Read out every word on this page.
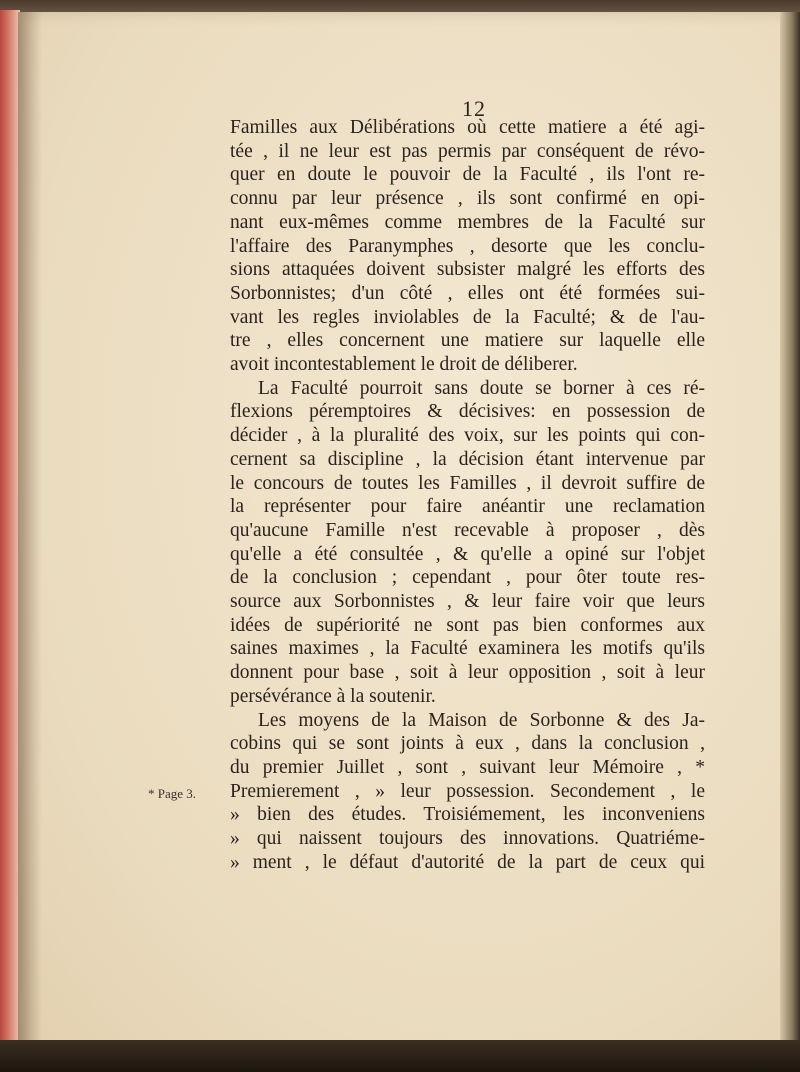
12
* Page 3.
Familles aux Délibérations où cette matiere a été agi-
tée , il ne leur est pas permis par conséquent de révo-
quer en doute le pouvoir de la Faculté , ils l'ont re-
connu par leur présence , ils sont confirmé en opi-
nant eux-mêmes comme membres de la Faculté sur
l'affaire des Paranymphes , desorte que les conclu-
sions attaquées doivent subsister malgré les efforts des
Sorbonnistes; d'un côté , elles ont été formées sui-
vant les regles inviolables de la Faculté; & de l'au-
tre , elles concernent une matiere sur laquelle elle
avoit incontestablement le droit de déliberer.
La Faculté pourroit sans doute se borner à ces ré-
flexions péremptoires & décisives: en possession de
décider , à la pluralité des voix, sur les points qui con-
cernent sa discipline , la décision étant intervenue par
le concours de toutes les Familles , il devroit suffire de
la représenter pour faire anéantir une reclamation
qu'aucune Famille n'est recevable à proposer , dès
qu'elle a été consultée , & qu'elle a opiné sur l'objet
de la conclusion ; cependant , pour ôter toute res-
source aux Sorbonnistes , & leur faire voir que leurs
idées de supériorité ne sont pas bien conformes aux
saines maximes , la Faculté examinera les motifs qu'ils
donnent pour base , soit à leur opposition , soit à leur
persévérance à la soutenir.
Les moyens de la Maison de Sorbonne & des Ja-
cobins qui se sont joints à eux , dans la conclusion ,
du premier Juillet , sont , suivant leur Mémoire , *
Premierement , » leur possession. Secondement , le
» bien des études. Troisiémement, les inconveniens
» qui naissent toujours des innovations. Quatriéme-
» ment , le défaut d'autorité de la part de ceux qui
